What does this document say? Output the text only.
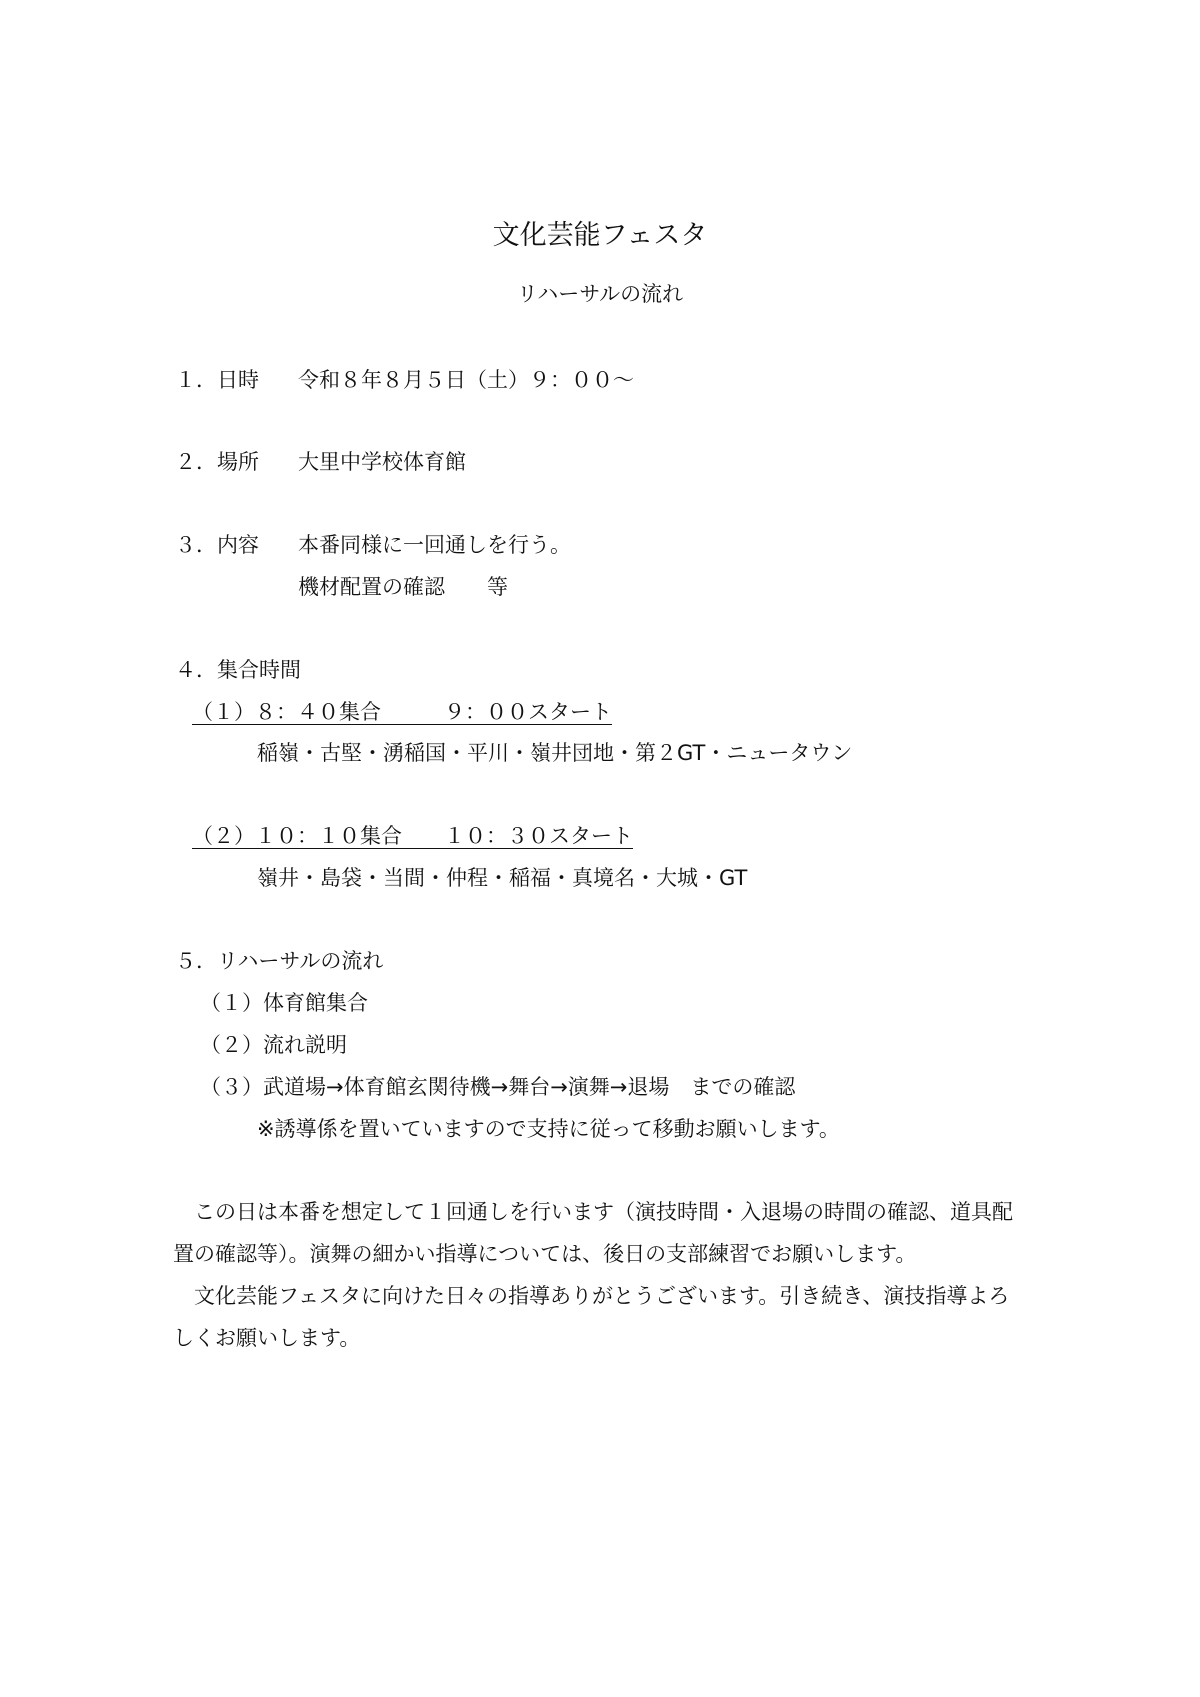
文化芸能フェスタ
リハーサルの流れ
１．日時 令和８年８月５日（土）９：００～
２．場所 大里中学校体育館
３．内容 本番同様に一回通しを行う。
機材配置の確認　　等
４．集合時間
（１）８：４０集合　　　９：００スタート
稲嶺・古堅・湧稲国・平川・嶺井団地・第２GT・ニュータウン
（２）１０：１０集合　　１０：３０スタート
嶺井・島袋・当間・仲程・稲福・真境名・大城・GT
５．リハーサルの流れ
（１）体育館集合
（２）流れ説明
（３）武道場→体育館玄関待機→舞台→演舞→退場　までの確認
※誘導係を置いていますので支持に従って移動お願いします。
この日は本番を想定して１回通しを行います（演技時間・入退場の時間の確認、道具配
置の確認等）。演舞の細かい指導については、後日の支部練習でお願いします。
文化芸能フェスタに向けた日々の指導ありがとうございます。引き続き、演技指導よろ
しくお願いします。
